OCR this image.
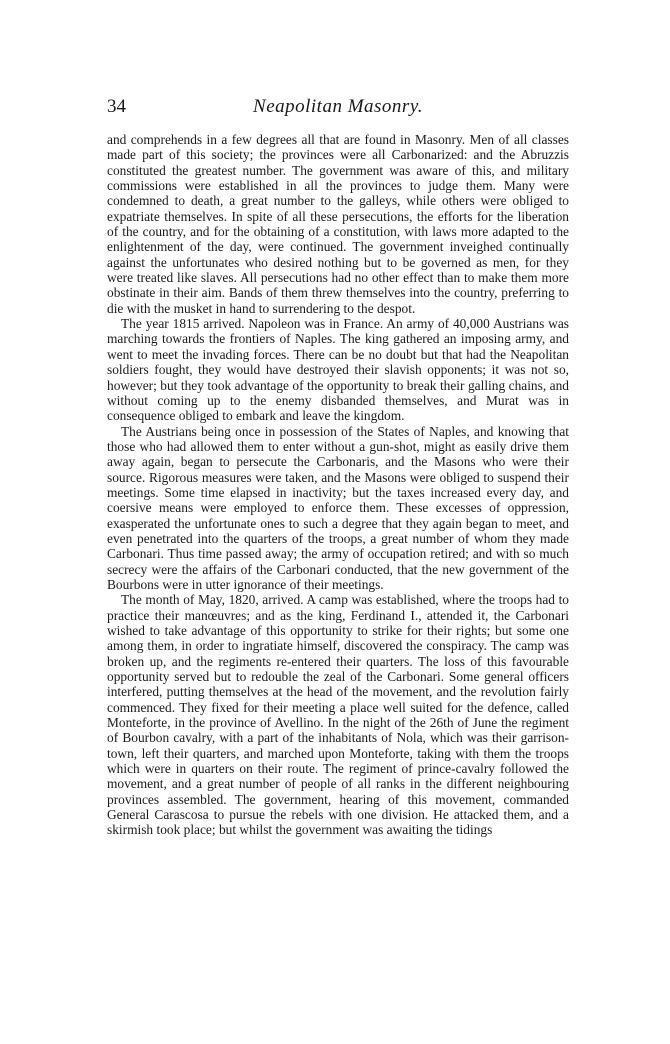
34	Neapolitan Masonry.

and comprehends in a few degrees all that are found in Masonry. Men of all classes made part of this society; the provinces were all Carbonarized: and the Abruzzis constituted the greatest number. The government was aware of this, and military commissions were established in all the provinces to judge them. Many were condemned to death, a great number to the galleys, while others were obliged to expatriate themselves. In spite of all these persecutions, the efforts for the liberation of the country, and for the obtaining of a constitution, with laws more adapted to the enlightenment of the day, were continued. The government inveighed continually against the unfortunates who desired nothing but to be governed as men, for they were treated like slaves. All persecutions had no other effect than to make them more obstinate in their aim. Bands of them threw themselves into the country, preferring to die with the musket in hand to surrendering to the despot.

The year 1815 arrived. Napoleon was in France. An army of 40,000 Austrians was marching towards the frontiers of Naples. The king gathered an imposing army, and went to meet the invading forces. There can be no doubt but that had the Neapolitan soldiers fought, they would have destroyed their slavish opponents; it was not so, however; but they took advantage of the opportunity to break their galling chains, and without coming up to the enemy disbanded themselves, and Murat was in consequence obliged to embark and leave the kingdom.

The Austrians being once in possession of the States of Naples, and knowing that those who had allowed them to enter without a gun-shot, might as easily drive them away again, began to persecute the Carbonaris, and the Masons who were their source. Rigorous measures were taken, and the Masons were obliged to suspend their meetings. Some time elapsed in inactivity; but the taxes increased every day, and coersive means were employed to enforce them. These excesses of oppression, exasperated the unfortunate ones to such a degree that they again began to meet, and even penetrated into the quarters of the troops, a great number of whom they made Carbonari. Thus time passed away; the army of occupation retired; and with so much secrecy were the affairs of the Carbonari conducted, that the new government of the Bourbons were in utter ignorance of their meetings.

The month of May, 1820, arrived. A camp was established, where the troops had to practice their manœuvres; and as the king, Ferdinand I., attended it, the Carbonari wished to take advantage of this opportunity to strike for their rights; but some one among them, in order to ingratiate himself, discovered the conspiracy. The camp was broken up, and the regiments re-entered their quarters. The loss of this favourable opportunity served but to redouble the zeal of the Carbonari. Some general officers interfered, putting themselves at the head of the movement, and the revolution fairly commenced. They fixed for their meeting a place well suited for the defence, called Monteforte, in the province of Avellino. In the night of the 26th of June the regiment of Bourbon cavalry, with a part of the inhabitants of Nola, which was their garrison-town, left their quarters, and marched upon Monteforte, taking with them the troops which were in quarters on their route. The regiment of prince-cavalry followed the movement, and a great number of people of all ranks in the different neighbouring provinces assembled. The government, hearing of this movement, commanded General Carascosa to pursue the rebels with one division. He attacked them, and a skirmish took place; but whilst the government was awaiting the tidings
